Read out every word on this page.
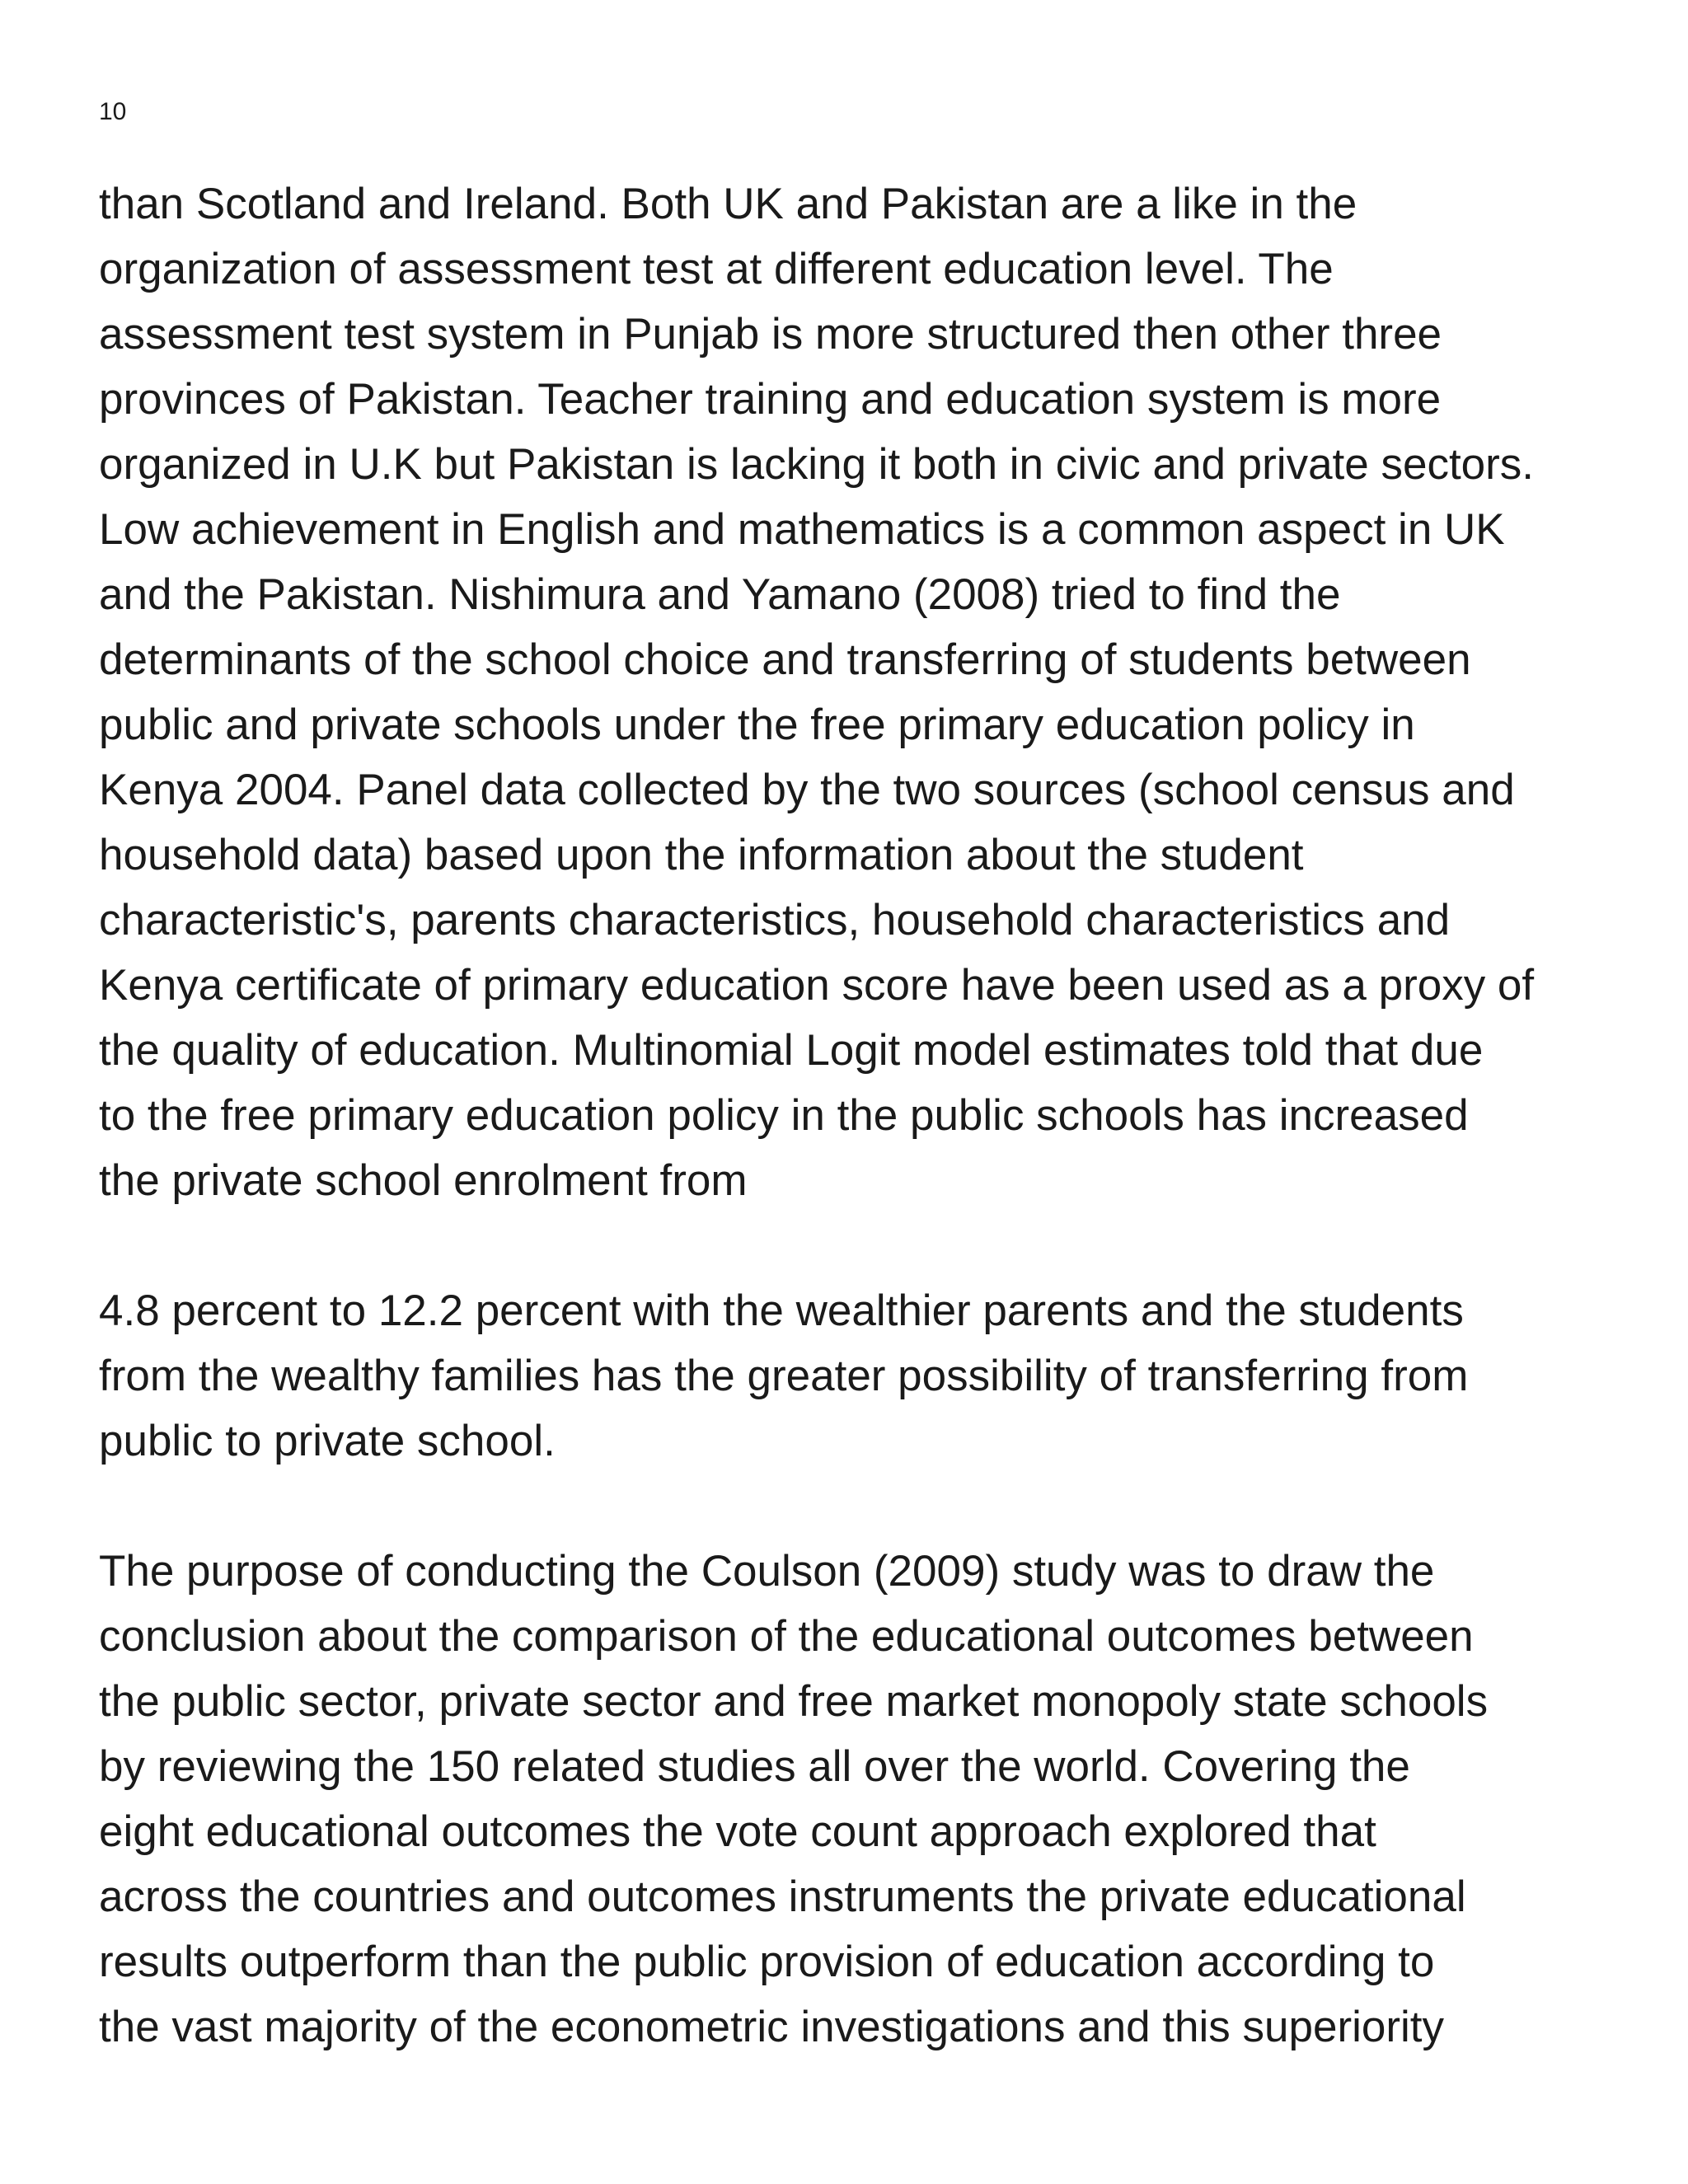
10
than Scotland and Ireland. Both UK and Pakistan are a like in the
organization of assessment test at different education level. The
assessment test system in Punjab is more structured then other three
provinces of Pakistan. Teacher training and education system is more
organized in U.K but Pakistan is lacking it both in civic and private sectors.
Low achievement in English and mathematics is a common aspect in UK
and the Pakistan. Nishimura and Yamano (2008) tried to find the
determinants of the school choice and transferring of students between
public and private schools under the free primary education policy in
Kenya 2004. Panel data collected by the two sources (school census and
household data) based upon the information about the student
characteristic's, parents characteristics, household characteristics and
Kenya certificate of primary education score have been used as a proxy of
the quality of education. Multinomial Logit model estimates told that due
to the free primary education policy in the public schools has increased
the private school enrolment from
4.8 percent to 12.2 percent with the wealthier parents and the students
from the wealthy families has the greater possibility of transferring from
public to private school.
The purpose of conducting the Coulson (2009) study was to draw the
conclusion about the comparison of the educational outcomes between
the public sector, private sector and free market monopoly state schools
by reviewing the 150 related studies all over the world. Covering the
eight educational outcomes the vote count approach explored that
across the countries and outcomes instruments the private educational
results outperform than the public provision of education according to
the vast majority of the econometric investigations and this superiority
